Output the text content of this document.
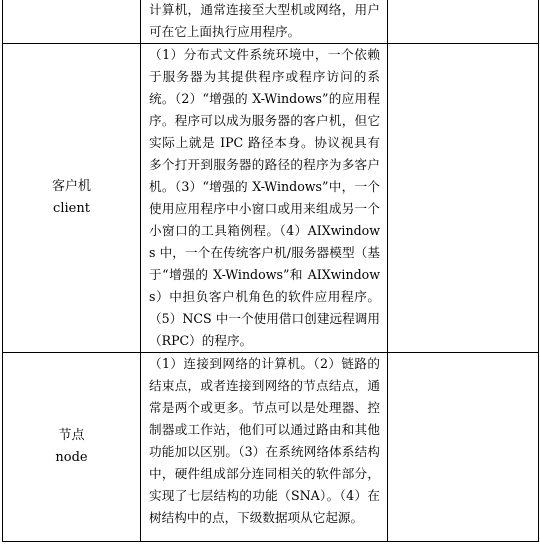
	计算机，通常连接至大型机或网络，用户可在它上面执行应用程序。	

客户机
client	（1）分布式文件系统环境中，一个依赖于服务器为其提供程序或程序访问的系统。（2）“增强的 X-Windows”的应用程序。程序可以成为服务器的客户机，但它实际上就是 IPC 路径本身。协议视具有多个打开到服务器的路径的程序为多客户机。（3）“增强的 X-Windows”中，一个使用应用程序中小窗口或用来组成另一个小窗口的工具箱例程。（4）AIXwindows 中，一个在传统客户机/服务器模型（基于“增强的 X-Windows”和 AIXwindows）中担负客户机角色的软件应用程序。（5）NCS 中一个使用借口创建远程调用（RPC）的程序。	

节点
node	（1）连接到网络的计算机。（2）链路的结束点，或者连接到网络的节点结点，通常是两个或更多。节点可以是处理器、控制器或工作站，他们可以通过路由和其他功能加以区别。（3）在系统网络体系结构中，硬件组成部分连同相关的软件部分，实现了七层结构的功能（SNA）。（4）在树结构中的点，下级数据项从它起源。	
